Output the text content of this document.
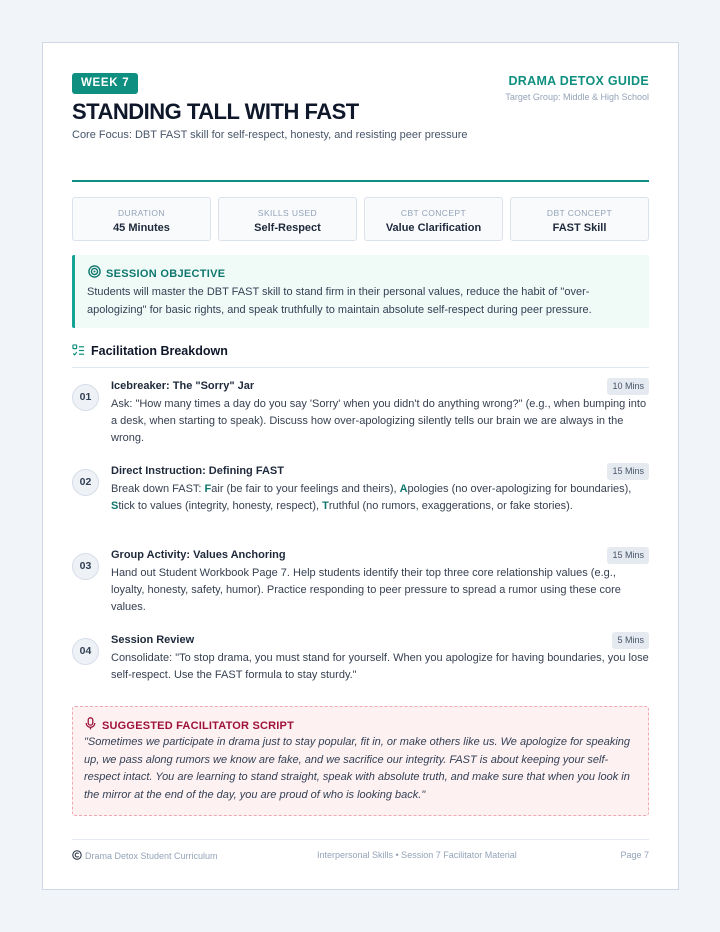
WEEK 7
STANDING TALL WITH FAST

Core Focus: DBT FAST skill for self-respect, honesty, and resisting peer pressure

DRAMA DETOX GUIDE
Target Group: Middle & High School
DURATION
45 Minutes
SKILLS USED
Self-Respect
CBT CONCEPT
Value Clarification
DBT CONCEPT
FAST Skill
SESSION OBJECTIVE

Students will master the DBT FAST skill to stand firm in their personal values, reduce the habit of "over-apologizing" for basic rights, and speak truthfully to maintain absolute self-respect during peer pressure.

Facilitation Breakdown
01
Icebreaker: The "Sorry" Jar	10 Mins

Ask: "How many times a day do you say 'Sorry' when you didn't do anything wrong?" (e.g., when bumping into a desk, when starting to speak). Discuss how over-apologizing silently tells our brain we are always in the wrong.

02
Direct Instruction: Defining FAST	15 Mins

Break down FAST: Fair (be fair to your feelings and theirs), Apologies (no over-apologizing for boundaries), Stick to values (integrity, honesty, respect), Truthful (no rumors, exaggerations, or fake stories).

03
Group Activity: Values Anchoring	15 Mins

Hand out Student Workbook Page 7. Help students identify their top three core relationship values (e.g., loyalty, honesty, safety, humor). Practice responding to peer pressure to spread a rumor using these core values.

04
Session Review	5 Mins

Consolidate: "To stop drama, you must stand for yourself. When you apologize for having boundaries, you lose self-respect. Use the FAST formula to stay sturdy."

SUGGESTED FACILITATOR SCRIPT

"Sometimes we participate in drama just to stay popular, fit in, or make others like us. We apologize for speaking up, we pass along rumors we know are fake, and we sacrifice our integrity. FAST is about keeping your self-respect intact. You are learning to stand straight, speak with absolute truth, and make sure that when you look in the mirror at the end of the day, you are proud of who is looking back."

Drama Detox Student Curriculum	Interpersonal Skills • Session 7 Facilitator Material	Page 7
